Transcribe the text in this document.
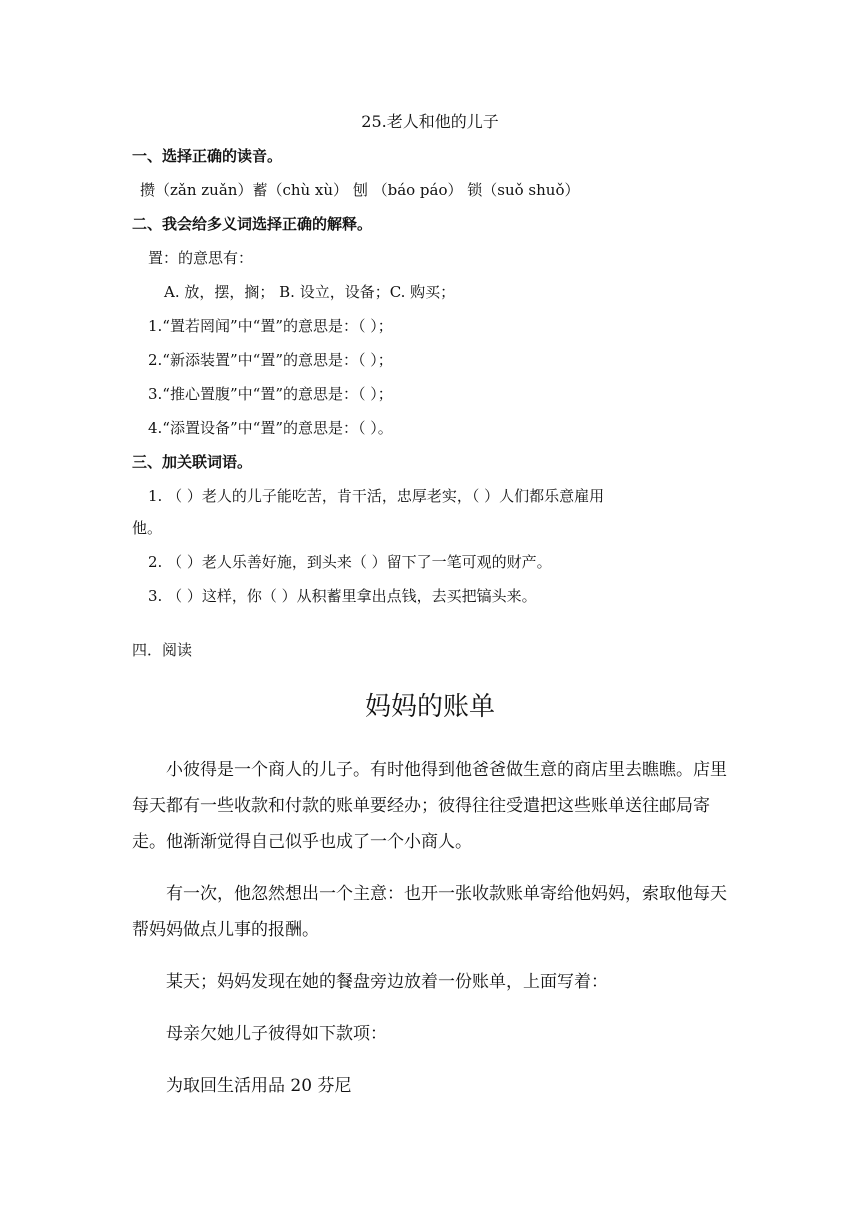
25.老人和他的儿子
一、选择正确的读音。
攒（zǎn zuǎn）蓄（chù xù） 刨 （báo páo） 锁（suǒ shuǒ）
二、我会给多义词选择正确的解释。
置：的意思有：
A. 放，摆，搁； B. 设立，设备；C. 购买；
1.“置若罔闻”中“置”的意思是：（ ）；
2.“新添装置”中“置”的意思是：（ ）；
3.“推心置腹”中“置”的意思是：（ ）；
4.“添置设备”中“置”的意思是：（ ）。
三、加关联词语。
1. （ ）老人的儿子能吃苦，肯干活，忠厚老实，（ ）人们都乐意雇用
他。
2. （ ）老人乐善好施，到头来（ ）留下了一笔可观的财产。
3. （ ）这样，你（ ）从积蓄里拿出点钱，去买把镐头来。
四．阅读
妈妈的账单
小彼得是一个商人的儿子。有时他得到他爸爸做生意的商店里去瞧瞧。店里
每天都有一些收款和付款的账单要经办；彼得往往受遣把这些账单送往邮局寄
走。他渐渐觉得自己似乎也成了一个小商人。
有一次，他忽然想出一个主意：也开一张收款账单寄给他妈妈，索取他每天
帮妈妈做点儿事的报酬。
某天；妈妈发现在她的餐盘旁边放着一份账单，上面写着：
母亲欠她儿子彼得如下款项：
为取回生活用品 20 芬尼
